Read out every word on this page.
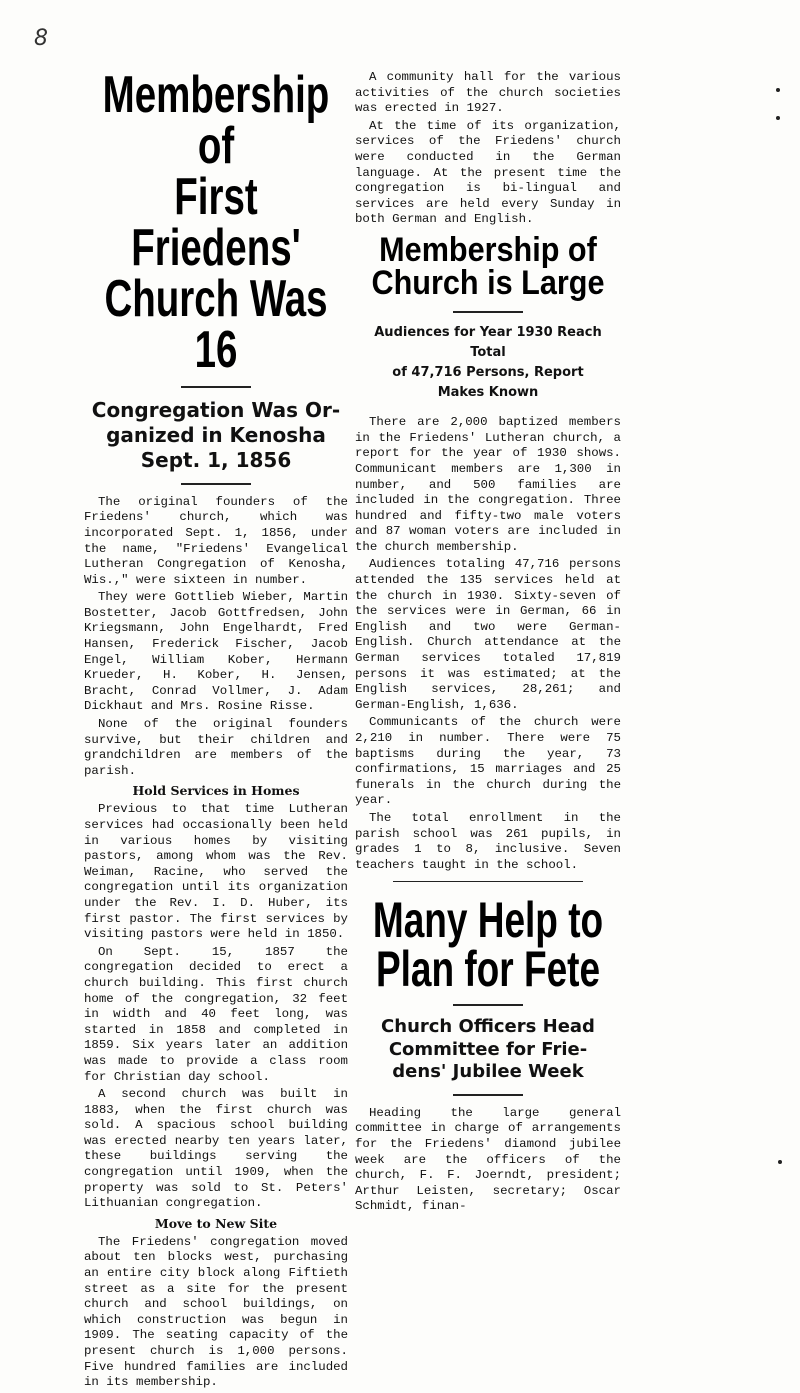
8
Membership of
First Friedens'
Church Was 16
Congregation Was Or-
ganized in Kenosha
Sept. 1, 1856

The original founders of the Friedens' church, which was incorporated Sept. 1, 1856, under the name, "Friedens' Evangelical Lutheran Congregation of Kenosha, Wis.," were sixteen in number.

They were Gottlieb Wieber, Martin Bostetter, Jacob Gottfredsen, John Kriegsmann, John Engelhardt, Fred Hansen, Frederick Fischer, Jacob Engel, William Kober, Hermann Krueder, H. Kober, H. Jensen, Bracht, Conrad Vollmer, J. Adam Dickhaut and Mrs. Rosine Risse.

None of the original founders survive, but their children and grandchildren are members of the parish.

Hold Services in Homes

Previous to that time Lutheran services had occasionally been held in various homes by visiting pastors, among whom was the Rev. Weiman, Racine, who served the congregation until its organization under the Rev. I. D. Huber, its first pastor. The first services by visiting pastors were held in 1850.

On Sept. 15, 1857 the congregation decided to erect a church building. This first church home of the congregation, 32 feet in width and 40 feet long, was started in 1858 and completed in 1859. Six years later an addition was made to provide a class room for Christian day school.

A second church was built in 1883, when the first church was sold. A spacious school building was erected nearby ten years later, these buildings serving the congregation until 1909, when the property was sold to St. Peters' Lithuanian congregation.

Move to New Site

The Friedens' congregation moved about ten blocks west, purchasing an entire city block along Fiftieth street as a site for the present church and school buildings, on which construction was begun in 1909. The seating capacity of the present church is 1,000 persons. Five hundred families are included in its membership.

A community hall for the various activities of the church societies was erected in 1927.

At the time of its organization, services of the Friedens' church were conducted in the German language. At the present time the congregation is bi-lingual and services are held every Sunday in both German and English.

Membership of
Church is Large
Audiences for Year 1930 Reach Total
of 47,716 Persons, Report
Makes Known

There are 2,000 baptized members in the Friedens' Lutheran church, a report for the year of 1930 shows. Communicant members are 1,300 in number, and 500 families are included in the congregation. Three hundred and fifty-two male voters and 87 woman voters are included in the church membership.

Audiences totaling 47,716 persons attended the 135 services held at the church in 1930. Sixty-seven of the services were in German, 66 in English and two were German-English. Church attendance at the German services totaled 17,819 persons it was estimated; at the English services, 28,261; and German-English, 1,636.

Communicants of the church were 2,210 in number. There were 75 baptisms during the year, 73 confirmations, 15 marriages and 25 funerals in the church during the year.

The total enrollment in the parish school was 261 pupils, in grades 1 to 8, inclusive. Seven teachers taught in the school.

Many Help to
Plan for Fete
Church Officers Head
Committee for Frie-
dens' Jubilee Week

Heading the large general committee in charge of arrangements for the Friedens' diamond jubilee week are the officers of the church, F. F. Joerndt, president; Arthur Leisten, secretary; Oscar Schmidt, finan-
